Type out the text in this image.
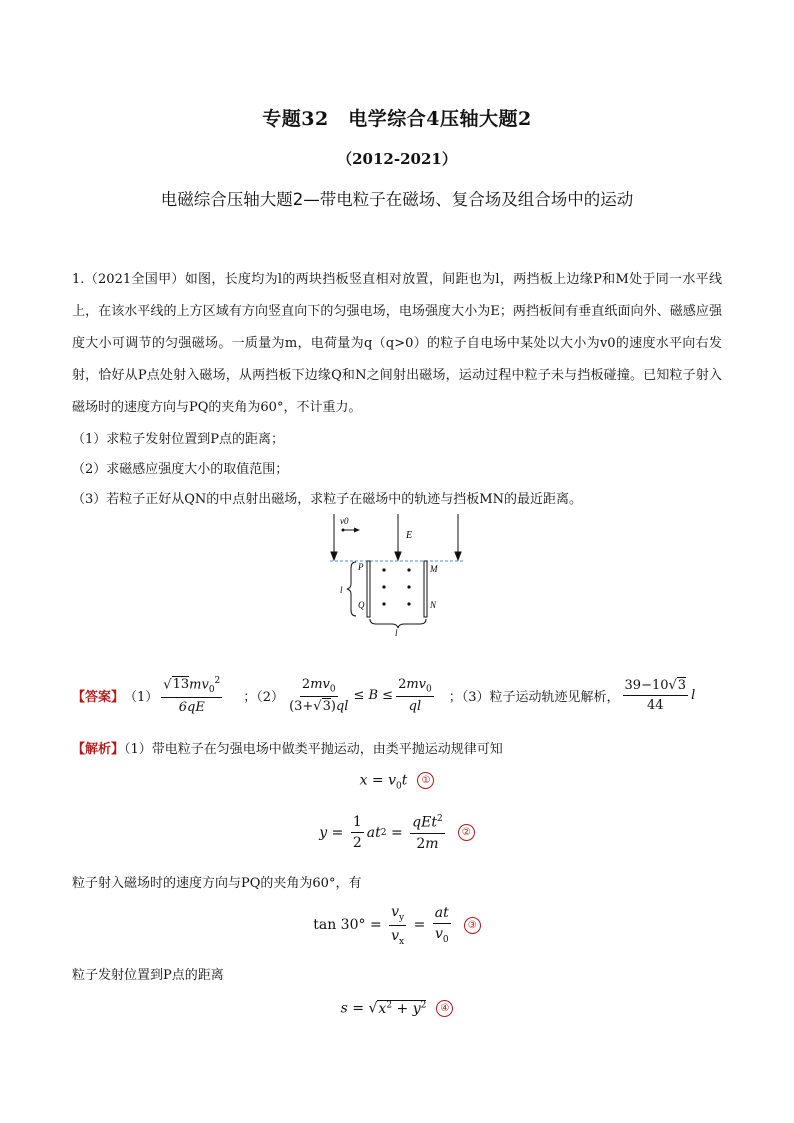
专题32　电学综合4压轴大题2
（2012-2021）
电磁综合压轴大题2—带电粒子在磁场、复合场及组合场中的运动
1.（2021全国甲）如图，长度均为l的两块挡板竖直相对放置，间距也为l，两挡板上边缘P和M处于同一水平线上，在该水平线的上方区域有方向竖直向下的匀强电场，电场强度大小为E；两挡板间有垂直纸面向外、磁感应强度大小可调节的匀强磁场。一质量为m，电荷量为q（q>0）的粒子自电场中某处以大小为v0的速度水平向右发射，恰好从P点处射入磁场，从两挡板下边缘Q和N之间射出磁场，运动过程中粒子未与挡板碰撞。已知粒子射入磁场时的速度方向与PQ的夹角为60°，不计重力。
（1）求粒子发射位置到P点的距离；
（2）求磁感应强度大小的取值范围；
（3）若粒子正好从QN的中点射出磁场，求粒子在磁场中的轨迹与挡板MN的最近距离。
v0
E
P
Q
M
N
l
l
【答案】 $(1) \frac{√13mv_0^2}{6qE}$ ；$(2) \frac{2mv_0}{(3+√3)ql} \le B \le \frac{2mv_0}{ql}$ ；（3）粒子运动轨迹见解析， $\frac{39-10√3}{44}$ l
【解析】（1）带电粒子在匀强电场中做类平抛运动，由类平抛运动规律可知
$x = v_0t$ ①
$y = \frac{1}{2}$ at $2 = \frac{qEt^2}{2m}$	②
粒子射入磁场时的速度方向与PQ的夹角为60°，有
$\tan 30^\circ = \frac{v_y}{v_x} = \frac{at}{v_0}$	③
粒子发射位置到P点的距离
$s = √x^2 + y^2$ ④
